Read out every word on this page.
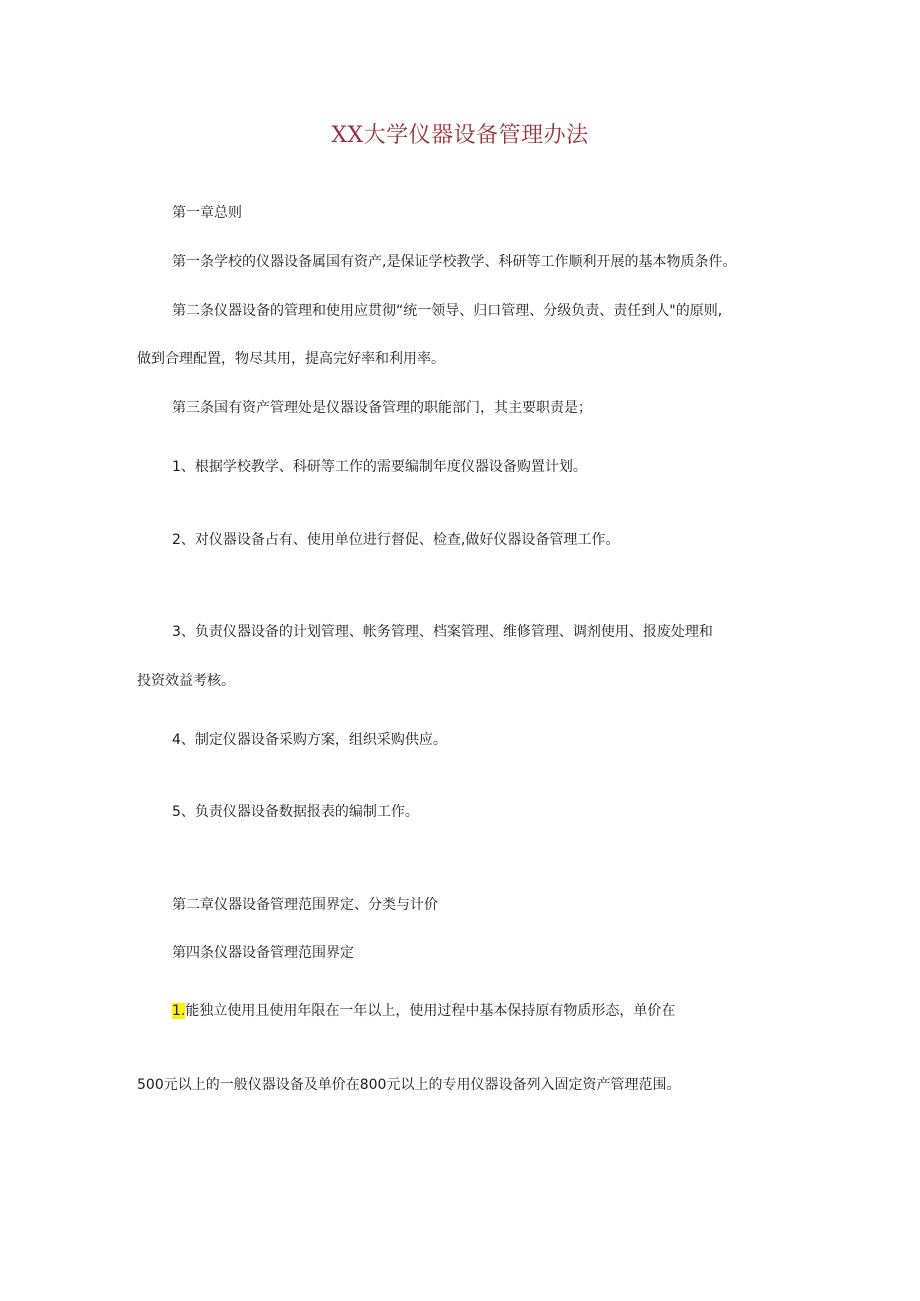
XX大学仪器设备管理办法

第一章总则

第一条学校的仪器设备属国有资产,是保证学校教学、科研等工作顺利开展的基本物质条件。

第二条仪器设备的管理和使用应贯彻“统一领导、归口管理、分级负责、责任到人"的原则,

做到合理配置，物尽其用，提高完好率和利用率。

第三条国有资产管理处是仪器设备管理的职能部门，其主要职责是；

1、根据学校教学、科研等工作的需要编制年度仪器设备购置计划。

2、对仪器设备占有、使用单位进行督促、检查,做好仪器设备管理工作。

3、负责仪器设备的计划管理、帐务管理、档案管理、维修管理、调剂使用、报废处理和

投资效益考核。

4、制定仪器设备采购方案，组织采购供应。

5、负责仪器设备数据报表的编制工作。

第二章仪器设备管理范围界定、分类与计价

第四条仪器设备管理范围界定

1.能独立使用且使用年限在一年以上，使用过程中基本保持原有物质形态，单价在

500元以上的一般仪器设备及单价在800元以上的专用仪器设备列入固定资产管理范围。
